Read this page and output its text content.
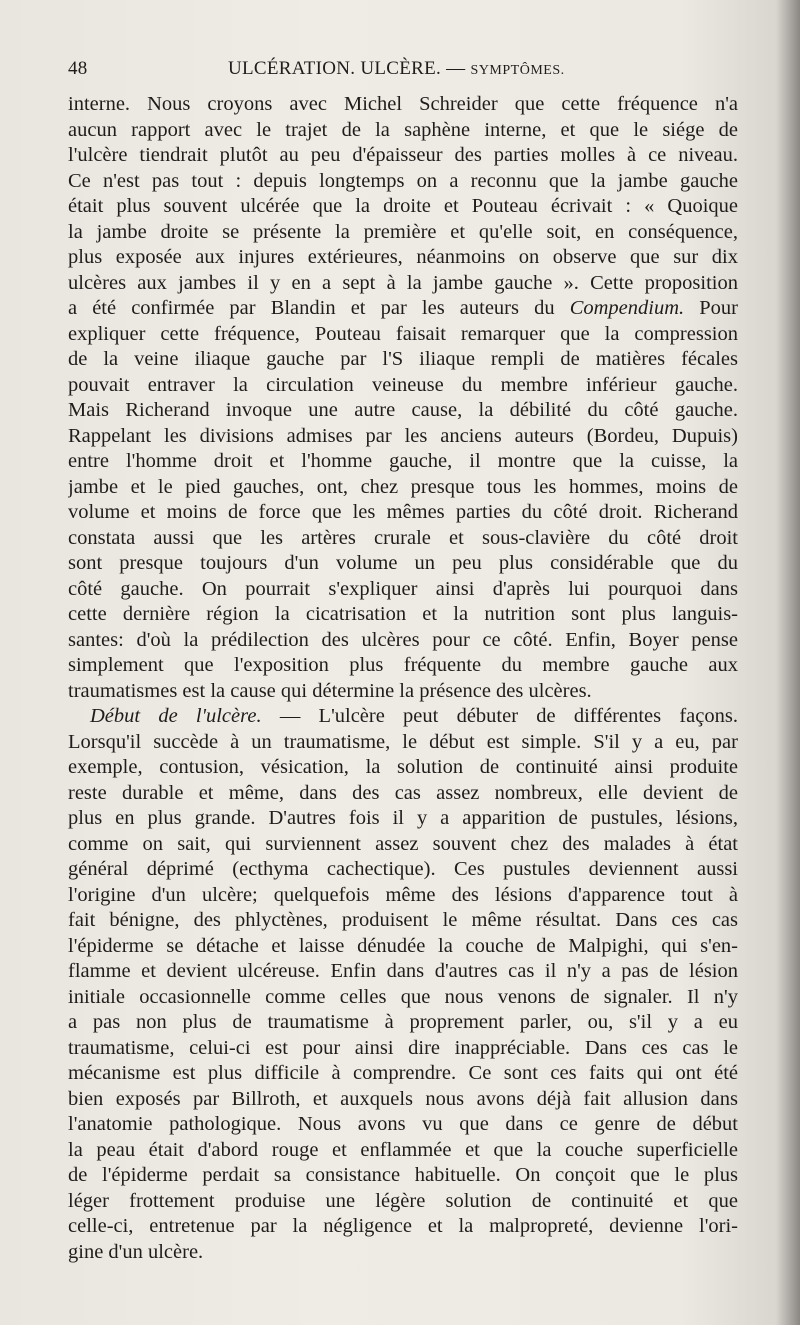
48	ULCÉRATION. ULCÈRE. — SYMPTÔMES.
interne. Nous croyons avec Michel Schreider que cette fréquence n'a
aucun rapport avec le trajet de la saphène interne, et que le siége de
l'ulcère tiendrait plutôt au peu d'épaisseur des parties molles à ce niveau.
Ce n'est pas tout : depuis longtemps on a reconnu que la jambe gauche
était plus souvent ulcérée que la droite et Pouteau écrivait : « Quoique
la jambe droite se présente la première et qu'elle soit, en conséquence,
plus exposée aux injures extérieures, néanmoins on observe que sur dix
ulcères aux jambes il y en a sept à la jambe gauche ». Cette proposition
a été confirmée par Blandin et par les auteurs du Compendium. Pour
expliquer cette fréquence, Pouteau faisait remarquer que la compression
de la veine iliaque gauche par l'S iliaque rempli de matières fécales
pouvait entraver la circulation veineuse du membre inférieur gauche.
Mais Richerand invoque une autre cause, la débilité du côté gauche.
Rappelant les divisions admises par les anciens auteurs (Bordeu, Dupuis)
entre l'homme droit et l'homme gauche, il montre que la cuisse, la
jambe et le pied gauches, ont, chez presque tous les hommes, moins de
volume et moins de force que les mêmes parties du côté droit. Richerand
constata aussi que les artères crurale et sous-clavière du côté droit
sont presque toujours d'un volume un peu plus considérable que du
côté gauche. On pourrait s'expliquer ainsi d'après lui pourquoi dans
cette dernière région la cicatrisation et la nutrition sont plus languis-
santes: d'où la prédilection des ulcères pour ce côté. Enfin, Boyer pense
simplement que l'exposition plus fréquente du membre gauche aux
traumatismes est la cause qui détermine la présence des ulcères.
Début de l'ulcère. — L'ulcère peut débuter de différentes façons.
Lorsqu'il succède à un traumatisme, le début est simple. S'il y a eu, par
exemple, contusion, vésication, la solution de continuité ainsi produite
reste durable et même, dans des cas assez nombreux, elle devient de
plus en plus grande. D'autres fois il y a apparition de pustules, lésions,
comme on sait, qui surviennent assez souvent chez des malades à état
général déprimé (ecthyma cachectique). Ces pustules deviennent aussi
l'origine d'un ulcère; quelquefois même des lésions d'apparence tout à
fait bénigne, des phlyctènes, produisent le même résultat. Dans ces cas
l'épiderme se détache et laisse dénudée la couche de Malpighi, qui s'en-
flamme et devient ulcéreuse. Enfin dans d'autres cas il n'y a pas de lésion
initiale occasionnelle comme celles que nous venons de signaler. Il n'y
a pas non plus de traumatisme à proprement parler, ou, s'il y a eu
traumatisme, celui-ci est pour ainsi dire inappréciable. Dans ces cas le
mécanisme est plus difficile à comprendre. Ce sont ces faits qui ont été
bien exposés par Billroth, et auxquels nous avons déjà fait allusion dans
l'anatomie pathologique. Nous avons vu que dans ce genre de début
la peau était d'abord rouge et enflammée et que la couche superficielle
de l'épiderme perdait sa consistance habituelle. On conçoit que le plus
léger frottement produise une légère solution de continuité et que
celle-ci, entretenue par la négligence et la malpropreté, devienne l'ori-
gine d'un ulcère.
